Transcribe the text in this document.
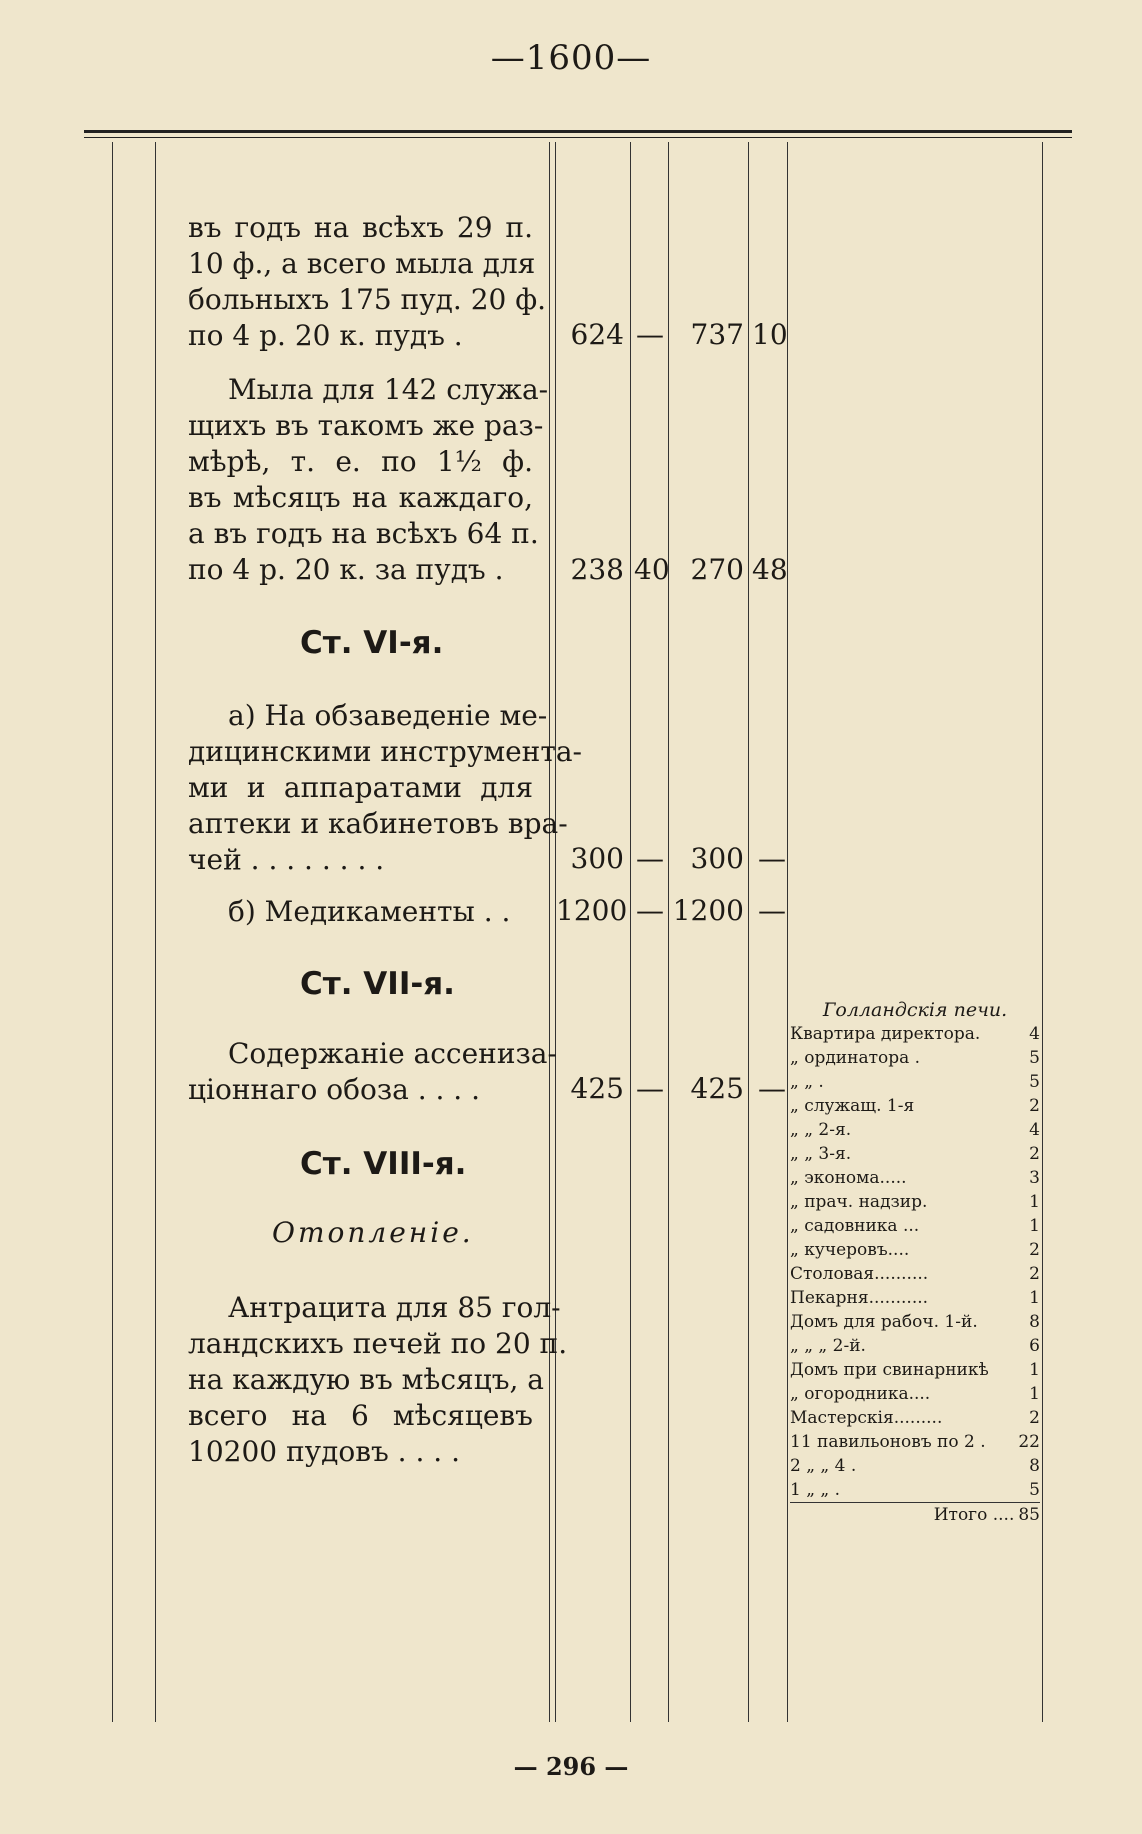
—1600—

въ годъ на всѣхъ 29 п.
10 ф., а всего мыла для
больныхъ 175 пуд. 20 ф.
по 4 р. 20 к. пудъ .	624 — 737 10
Мыла для 142 служа-
щихъ въ такомъ же раз-
мѣрѣ, т. е. по 1½ ф.
въ мѣсяцъ на каждаго,
а въ годъ на всѣхъ 64 п.
по 4 р. 20 к. за пудъ .	238 40 270 48
Ст. VI-я.
а) На обзаведеніе ме-
дицинскими инструмента-
ми и аппаратами для
аптеки и кабинетовъ вра-
чей . . . . . . . .	300 — 300 —
б) Медикаменты . .	1200 — 1200 —
Ст. VII-я.
Содержаніе ассениза-
ціоннаго обоза . . . .	425 — 425 —
Ст. VIII-я.
Отопленіе.
Антрацита для 85 гол-
ландскихъ печей по 20 п.
на каждую въ мѣсяцъ, а
всего на 6 мѣсяцевъ
10200 пудовъ . . . .
Голландскія печи.
Квартира директора.	4
„ ординатора .	5
„ „ .	5
„ служащ. 1-я	2
„ „ 2-я.	4
„ „ 3-я.	2
„ эконома.....	3
„ прач. надзир.	1
„ садовника ...	1
„ кучеровъ....	2
Столовая..........	2
Пекарня...........	1
Домъ для рабоч. 1-й.	8
„ „ „ 2-й.	6
Домъ при свинарникѣ 1
„ огородника....	1
Мастерскія.........	2
11 павильоновъ по 2 . 22
2 „ „ 4 .	8
1 „ „ .	5
Итого .... 85
— 296 —
